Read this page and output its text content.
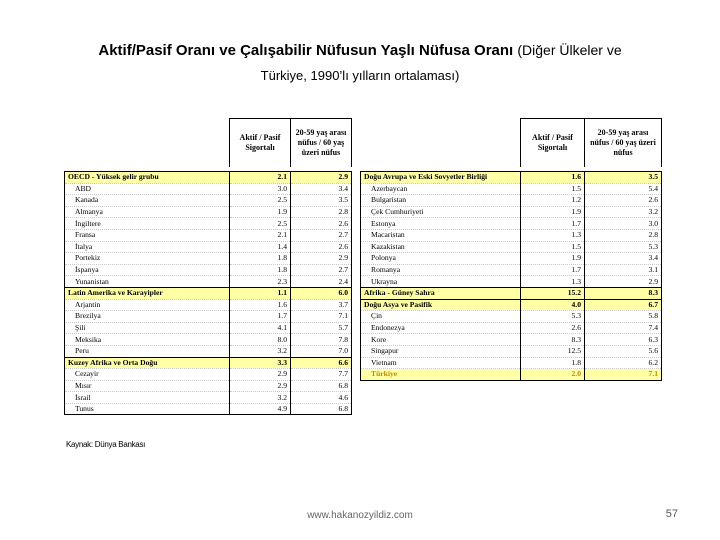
Aktif/Pasif Oranı ve Çalışabilir Nüfusun Yaşlı Nüfusa Oranı (Diğer Ülkeler ve
Türkiye, 1990’lı yılların ortalaması)
	Aktif / Pasif Sigortalı	20-59 yaş arası nüfus / 60 yaş üzeri nüfus

OECD - Yüksek gelir grubu	2.1	2.9
ABD	3.0	3.4
Kanada	2.5	3.5
Almanya	1.9	2.8
İngiltere	2.5	2.6
Fransa	2.1	2.7
İtalya	1.4	2.6
Portekiz	1.8	2.9
İspanya	1.8	2.7
Yunanistan	2.3	2.4
Latin Amerika ve Karayipler	1.1	6.0
Arjantin	1.6	3.7
Brezilya	1.7	7.1
Şili	4.1	5.7
Meksika	8.0	7.8
Peru	3.2	7.0
Kuzey Afrika ve Orta Doğu	3.3	6.6
Cezayir	2.9	7.7
Mısır	2.9	6.8
İsrail	3.2	4.6
Tunus	4.9	6.8
	Aktif / Pasif Sigortalı	20-59 yaş arası nüfus / 60 yaş üzeri nüfus

Doğu Avrupa ve Eski Sovyetler Birliği	1.6	3.5
Azerbaycan	1.5	5.4
Bulgaristan	1.2	2.6
Çek Cumhuriyeti	1.9	3.2
Estonya	1.7	3.0
Macaristan	1.3	2.8
Kazakistan	1.5	5.3
Polonya	1.9	3.4
Romanya	1.7	3.1
Ukrayna	1.3	2.9
Afrika - Güney Sahra	15.2	8.3
Doğu Asya ve Pasifik	4.0	6.7
Çin	5.3	5.8
Endonezya	2.6	7.4
Kore	8.3	6.3
Singapur	12.5	5.6
Vietnam	1.8	6.2
Türkiye	2.0	7.1
Kaynak: Dünya Bankası
www.hakanozyildiz.com	57
